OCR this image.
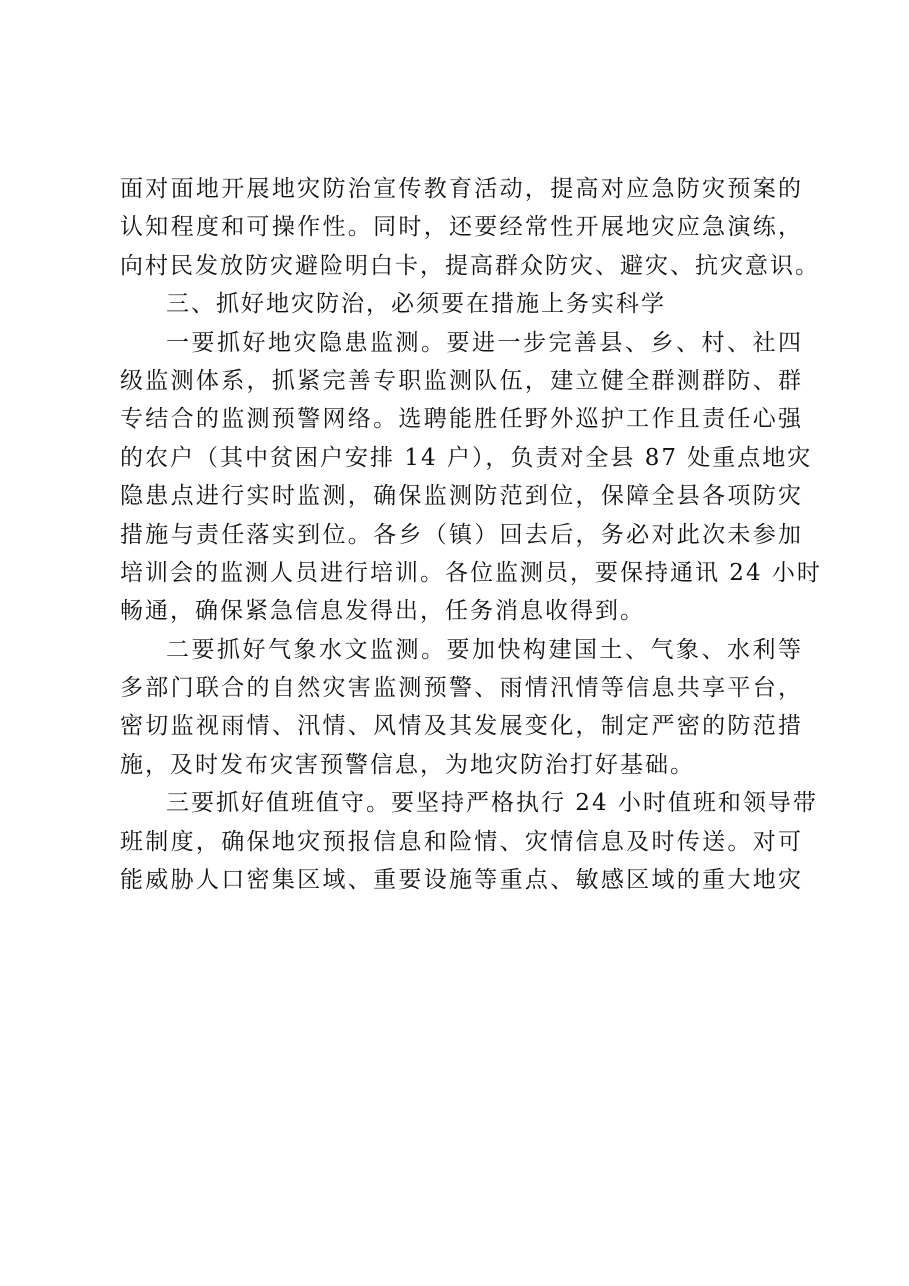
面对面地开展地灾防治宣传教育活动，提高对应急防灾预案的
认知程度和可操作性。同时，还要经常性开展地灾应急演练，
向村民发放防灾避险明白卡，提高群众防灾、避灾、抗灾意识。
三、抓好地灾防治，必须要在措施上务实科学
一要抓好地灾隐患监测。要进一步完善县、乡、村、社四
级监测体系，抓紧完善专职监测队伍，建立健全群测群防、群
专结合的监测预警网络。选聘能胜任野外巡护工作且责任心强
的农户（其中贫困户安排 14 户），负责对全县 87 处重点地灾
隐患点进行实时监测，确保监测防范到位，保障全县各项防灾
措施与责任落实到位。各乡（镇）回去后，务必对此次未参加
培训会的监测人员进行培训。各位监测员，要保持通讯 24 小时
畅通，确保紧急信息发得出，任务消息收得到。
二要抓好气象水文监测。要加快构建国土、气象、水利等
多部门联合的自然灾害监测预警、雨情汛情等信息共享平台，
密切监视雨情、汛情、风情及其发展变化，制定严密的防范措
施，及时发布灾害预警信息，为地灾防治打好基础。
三要抓好值班值守。要坚持严格执行 24 小时值班和领导带
班制度，确保地灾预报信息和险情、灾情信息及时传送。对可
能威胁人口密集区域、重要设施等重点、敏感区域的重大地灾
